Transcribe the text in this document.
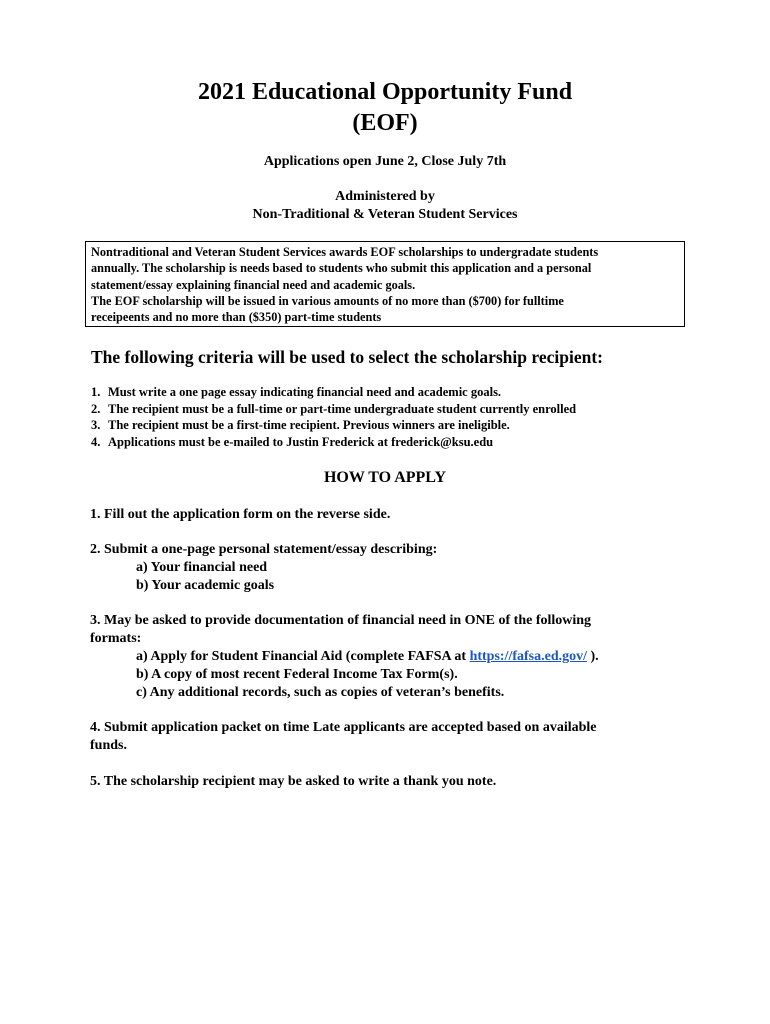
2021 Educational Opportunity Fund
(EOF)
Applications open June 2, Close July 7th
Administered by
Non-Traditional & Veteran Student Services

Nontraditional and Veteran Student Services awards EOF scholarships to undergradate students

annually. The scholarship is needs based to students who submit this application and a personal

statement/essay explaining financial need and academic goals.

The EOF scholarship will be issued in various amounts of no more than ($700) for fulltime

receipeents and no more than ($350) part-time students

The following criteria will be used to select the scholarship recipient:
1. Must write a one page essay indicating financial need and academic goals.
2. The recipient must be a full-time or part-time undergraduate student currently enrolled
3. The recipient must be a first-time recipient. Previous winners are ineligible.
4. Applications must be e-mailed to Justin Frederick at frederick@ksu.edu
HOW TO APPLY
1. Fill out the application form on the reverse side.
2. Submit a one-page personal statement/essay describing:
a) Your financial need
b) Your academic goals
3. May be asked to provide documentation of financial need in ONE of the following
formats:
a) Apply for Student Financial Aid (complete FAFSA at https://fafsa.ed.gov/ ).
b) A copy of most recent Federal Income Tax Form(s).
c) Any additional records, such as copies of veteran’s benefits.
4. Submit application packet on time Late applicants are accepted based on available
funds.
5. The scholarship recipient may be asked to write a thank you note.
